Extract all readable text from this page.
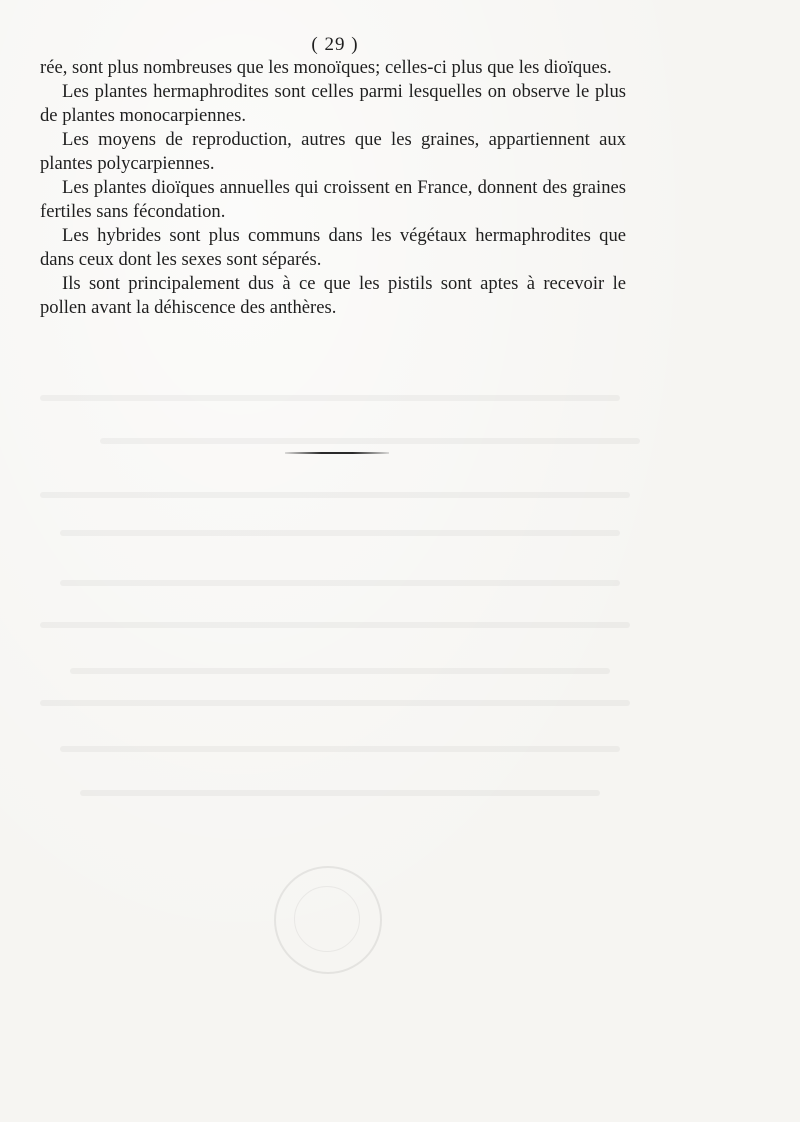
( 29 )

rée, sont plus nombreuses que les monoïques; celles-ci plus que les dioïques.

Les plantes hermaphrodites sont celles parmi lesquelles on observe le plus de plantes monocarpiennes.

Les moyens de reproduction, autres que les graines, appartiennent aux plantes polycarpiennes.

Les plantes dioïques annuelles qui croissent en France, donnent des graines fertiles sans fécondation.

Les hybrides sont plus communs dans les végétaux hermaphrodites que dans ceux dont les sexes sont séparés.

Ils sont principalement dus à ce que les pistils sont aptes à recevoir le pollen avant la déhiscence des anthères.
